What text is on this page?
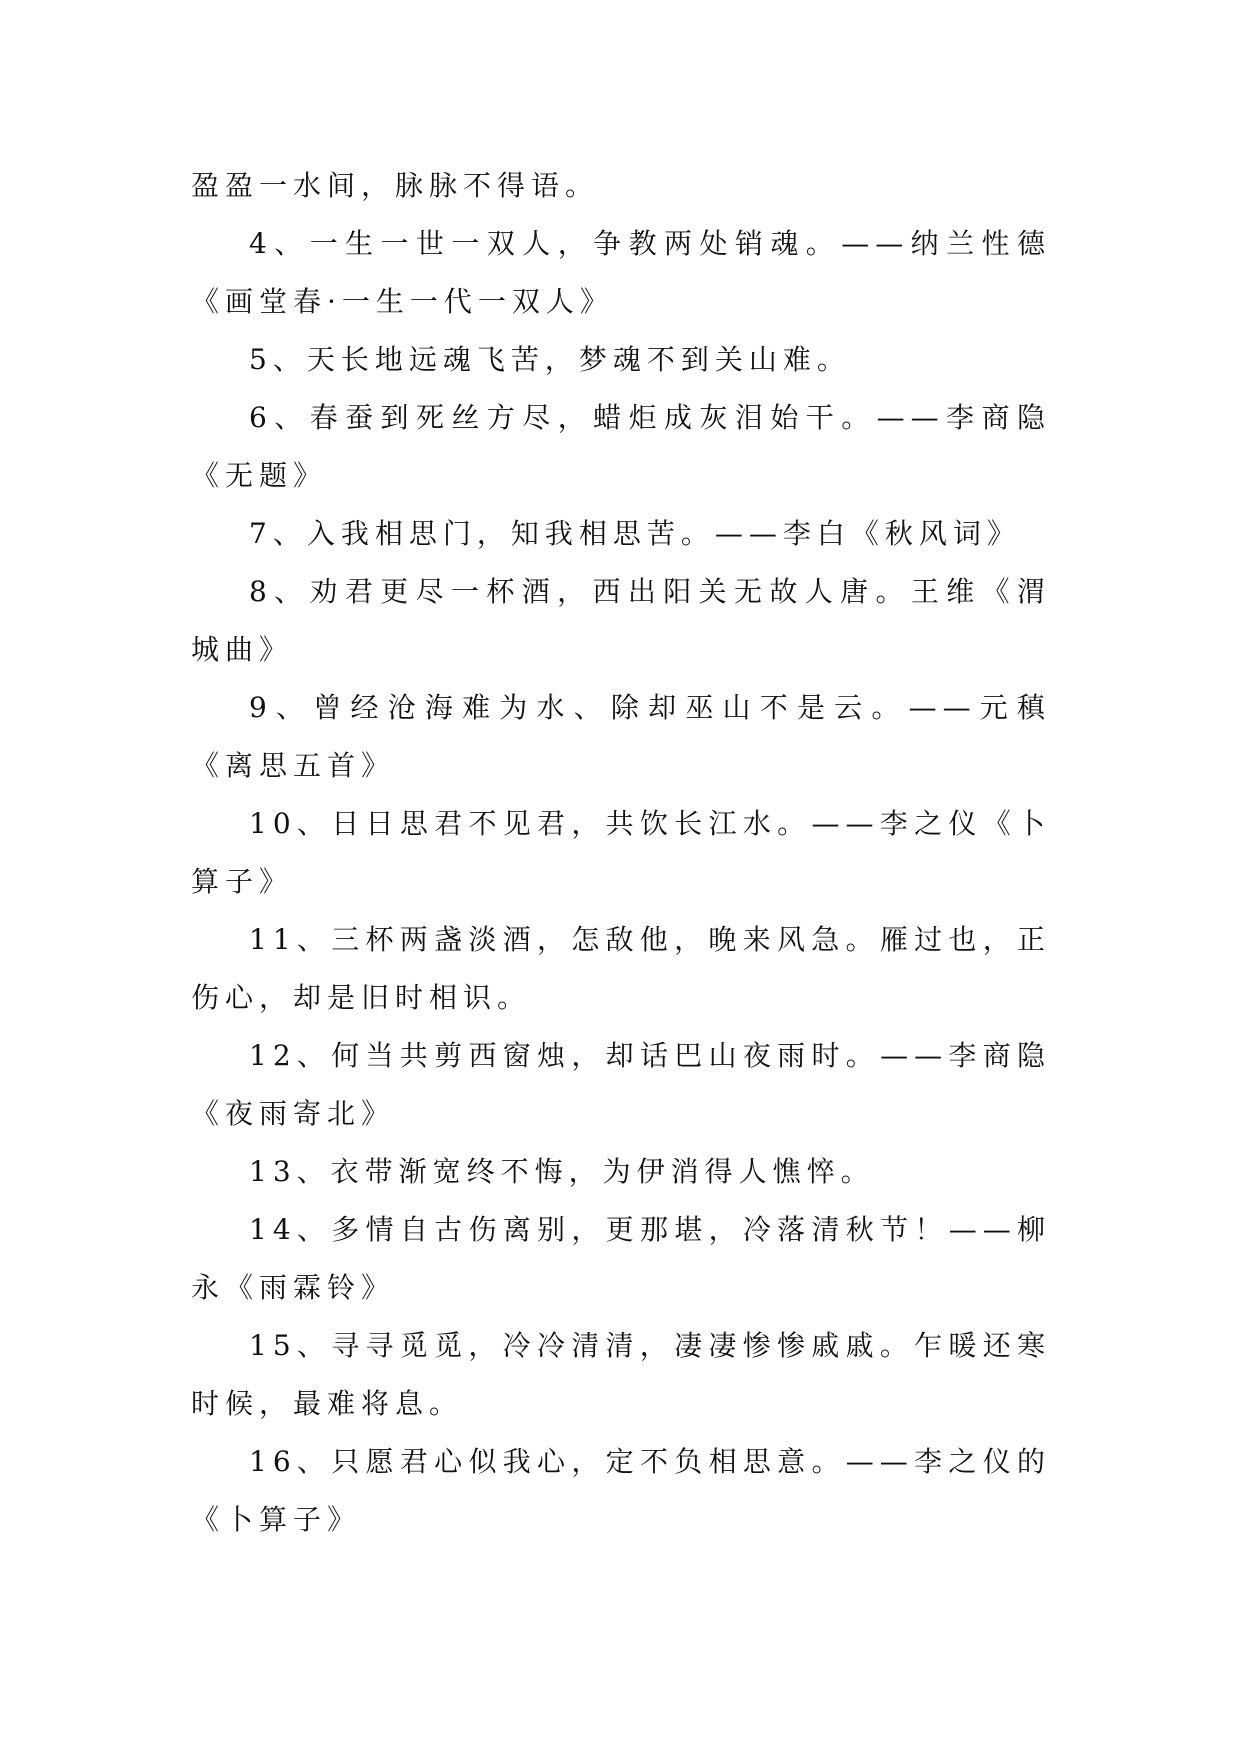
盈盈一水间，脉脉不得语。

4、一生一世一双人，争教两处销魂。——纳兰性德《画堂春·一生一代一双人》

5、天长地远魂飞苦，梦魂不到关山难。

6、春蚕到死丝方尽，蜡炬成灰泪始干。——李商隐《无题》

7、入我相思门，知我相思苦。——李白《秋风词》

8、劝君更尽一杯酒，西出阳关无故人唐。王维《渭城曲》

9、曾经沧海难为水、除却巫山不是云。——元稹《离思五首》

10、日日思君不见君，共饮长江水。——李之仪《卜算子》

11、三杯两盏淡酒，怎敌他，晚来风急。雁过也，正伤心，却是旧时相识。

12、何当共剪西窗烛，却话巴山夜雨时。——李商隐《夜雨寄北》

13、衣带渐宽终不悔，为伊消得人憔悴。

14、多情自古伤离别，更那堪，冷落清秋节！——柳永《雨霖铃》

15、寻寻觅觅，冷冷清清，凄凄惨惨戚戚。乍暖还寒时候，最难将息。

16、只愿君心似我心，定不负相思意。——李之仪的《卜算子》
